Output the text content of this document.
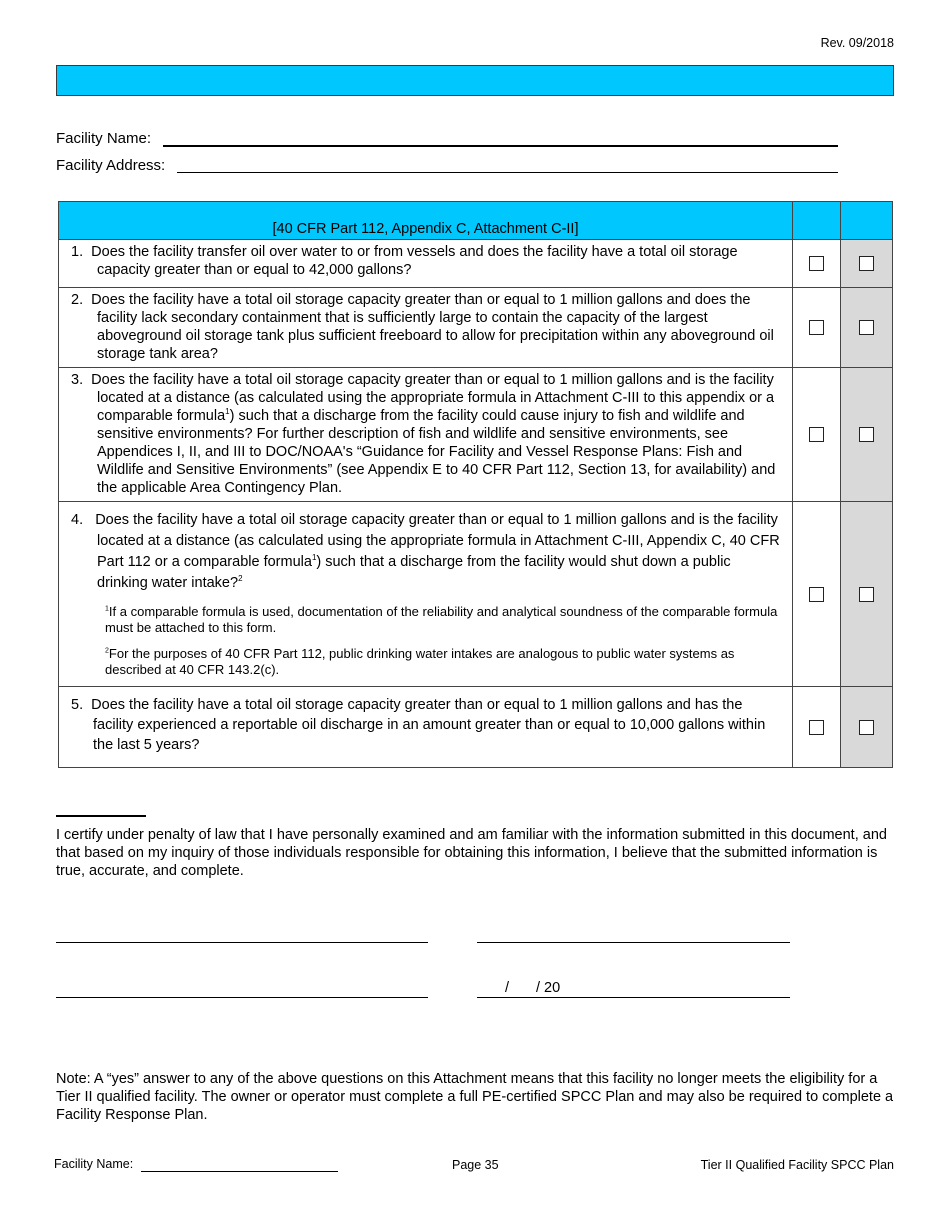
Rev. 09/2018
Facility Name:
Facility Address:
[40 CFR Part 112, Appendix C, Attachment C-II]		

1. Does the facility transfer oil over water to or from vessels and does the facility have a total oil storage capacity greater than or equal to 42,000 gallons?		

2. Does the facility have a total oil storage capacity greater than or equal to 1 million gallons and does the facility lack secondary containment that is sufficiently large to contain the capacity of the largest aboveground oil storage tank plus sufficient freeboard to allow for precipitation within any aboveground oil storage tank area?		

3. Does the facility have a total oil storage capacity greater than or equal to 1 million gallons and is the facility located at a distance (as calculated using the appropriate formula in Attachment C-III to this appendix or a comparable formula$^1$) such that a discharge from the facility could cause injury to fish and wildlife and sensitive environments? For further description of fish and wildlife and sensitive environments, see Appendices I, II, and III to DOC/NOAA's “Guidance for Facility and Vessel Response Plans: Fish and Wildlife and Sensitive Environments” (see Appendix E to 40 CFR Part 112, Section 13, for availability) and the applicable Area Contingency Plan.		

4. Does the facility have a total oil storage capacity greater than or equal to 1 million gallons and is the facility located at a distance (as calculated using the appropriate formula in Attachment C-III, Appendix C, 40 CFR Part 112 or a comparable formula$^1$) such that a discharge from the facility would shut down a public drinking water intake?$^2$
$^1$If a comparable formula is used, documentation of the reliability and analytical soundness of the comparable formula must be attached to this form.
$^2$For the purposes of 40 CFR Part 112, public drinking water intakes are analogous to public water systems as described at 40 CFR 143.2(c).		

5. Does the facility have a total oil storage capacity greater than or equal to 1 million gallons and has the facility experienced a reportable oil discharge in an amount greater than or equal to 10,000 gallons within the last 5 years?		

I certify under penalty of law that I have personally examined and am familiar with the information submitted in this document, and that based on my inquiry of those individuals responsible for obtaining this information, I believe that the submitted information is true, accurate, and complete.
/ / 20
Note: A “yes” answer to any of the above questions on this Attachment means that this facility no longer meets the eligibility for a Tier II qualified facility. The owner or operator must complete a full PE-certified SPCC Plan and may also be required to complete a Facility Response Plan.
Facility Name:	Page 35	Tier II Qualified Facility SPCC Plan
